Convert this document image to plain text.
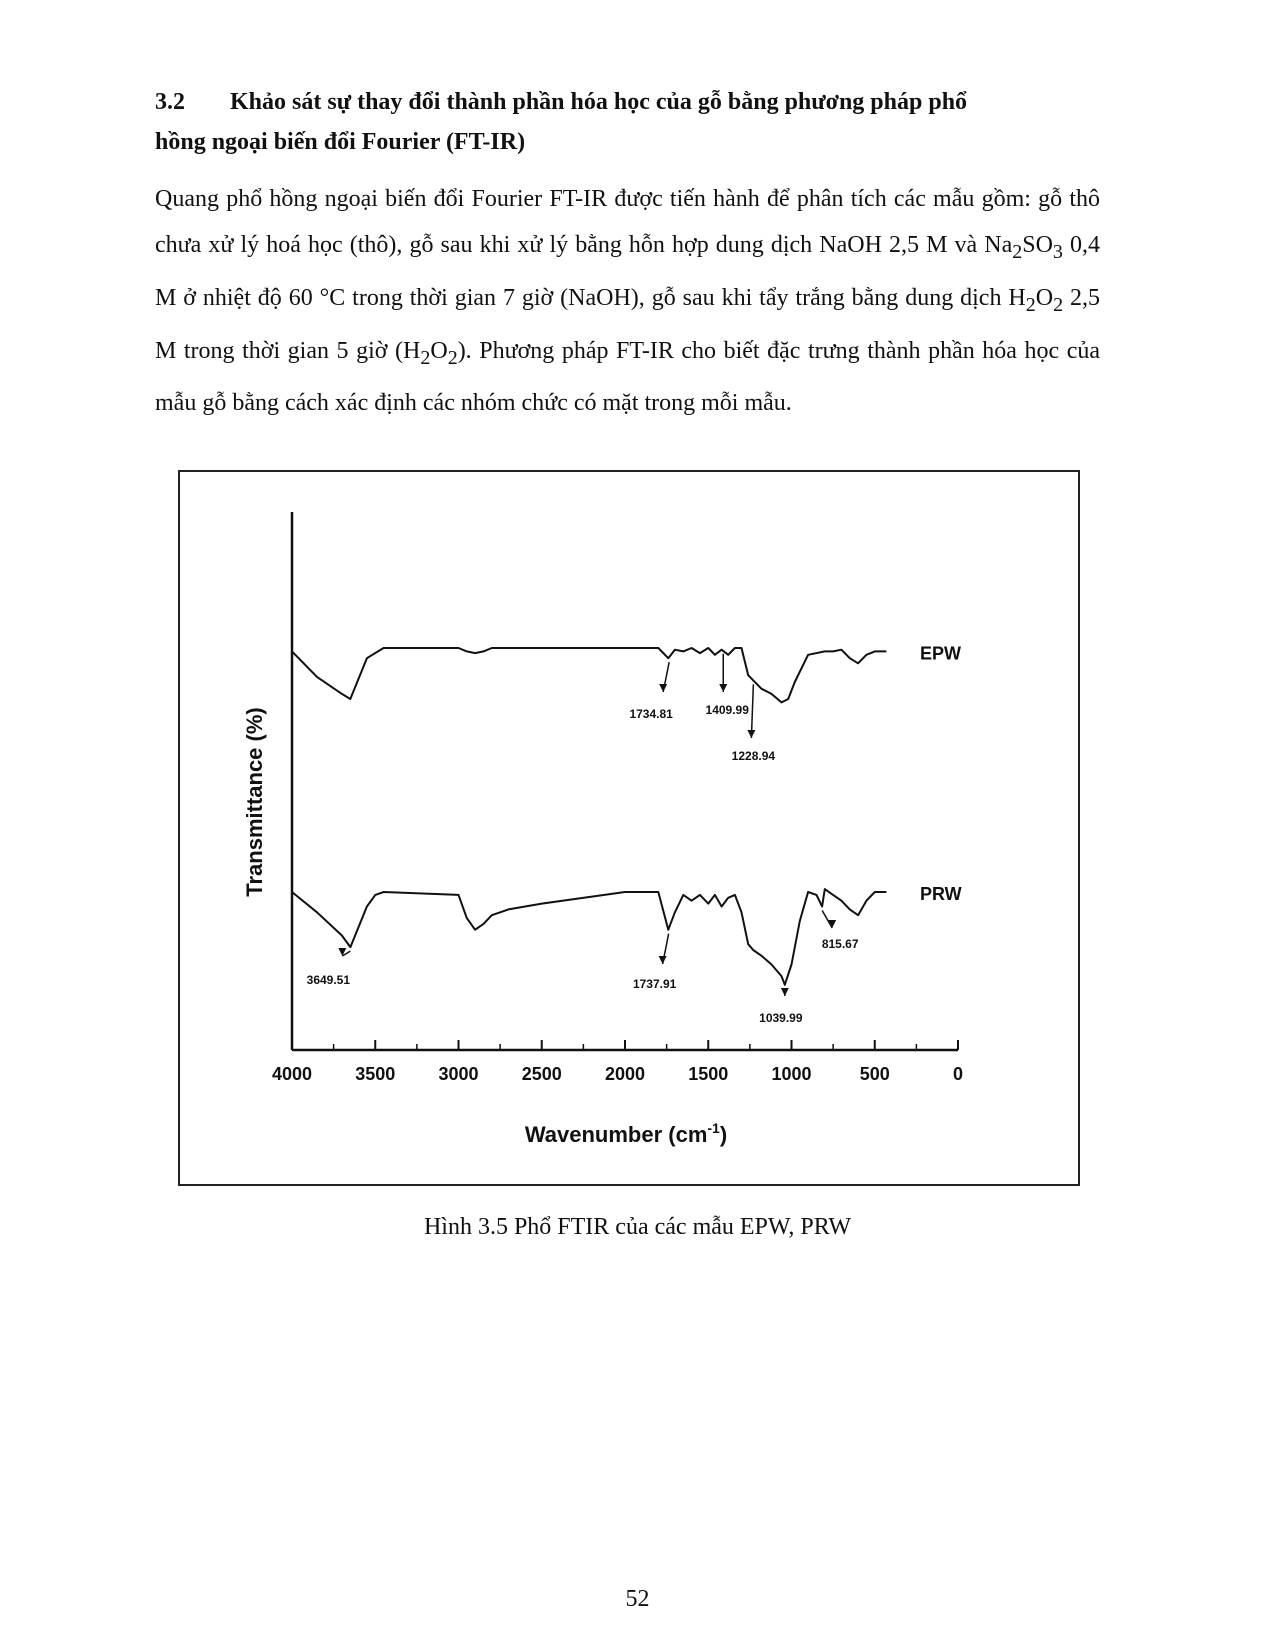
3.2 Khảo sát sự thay đổi thành phần hóa học của gỗ bằng phương pháp phổ
hồng ngoại biến đổi Fourier (FT-IR)

Quang phổ hồng ngoại biến đổi Fourier FT-IR được tiến hành để phân tích các mẫu gồm: gỗ thô chưa xử lý hoá học (thô), gỗ sau khi xử lý bằng hỗn hợp dung dịch NaOH 2,5 M và $Na_2SO_3$ 0,4 M ở nhiệt độ 60 °C trong thời gian 7 giờ (NaOH), gỗ sau khi tẩy trắng bằng dung dịch $H_2O_2$ 2,5 M trong thời gian 5 giờ $(H_2O_2)$. Phương pháp FT-IR cho biết đặc trưng thành phần hóa học của mẫu gỗ bằng cách xác định các nhóm chức có mặt trong mỗi mẫu.

4000 3500 3000 2500 2000 1500 1000	500	0
EPW
PRW
1734.81	1409.99
1228.94
3649.51	1737.91
1039.99
815.67
Transmittance (%)
Wavenumber $(cm^{-1})$
Hình 3.5 Phổ FTIR của các mẫu EPW, PRW
52
